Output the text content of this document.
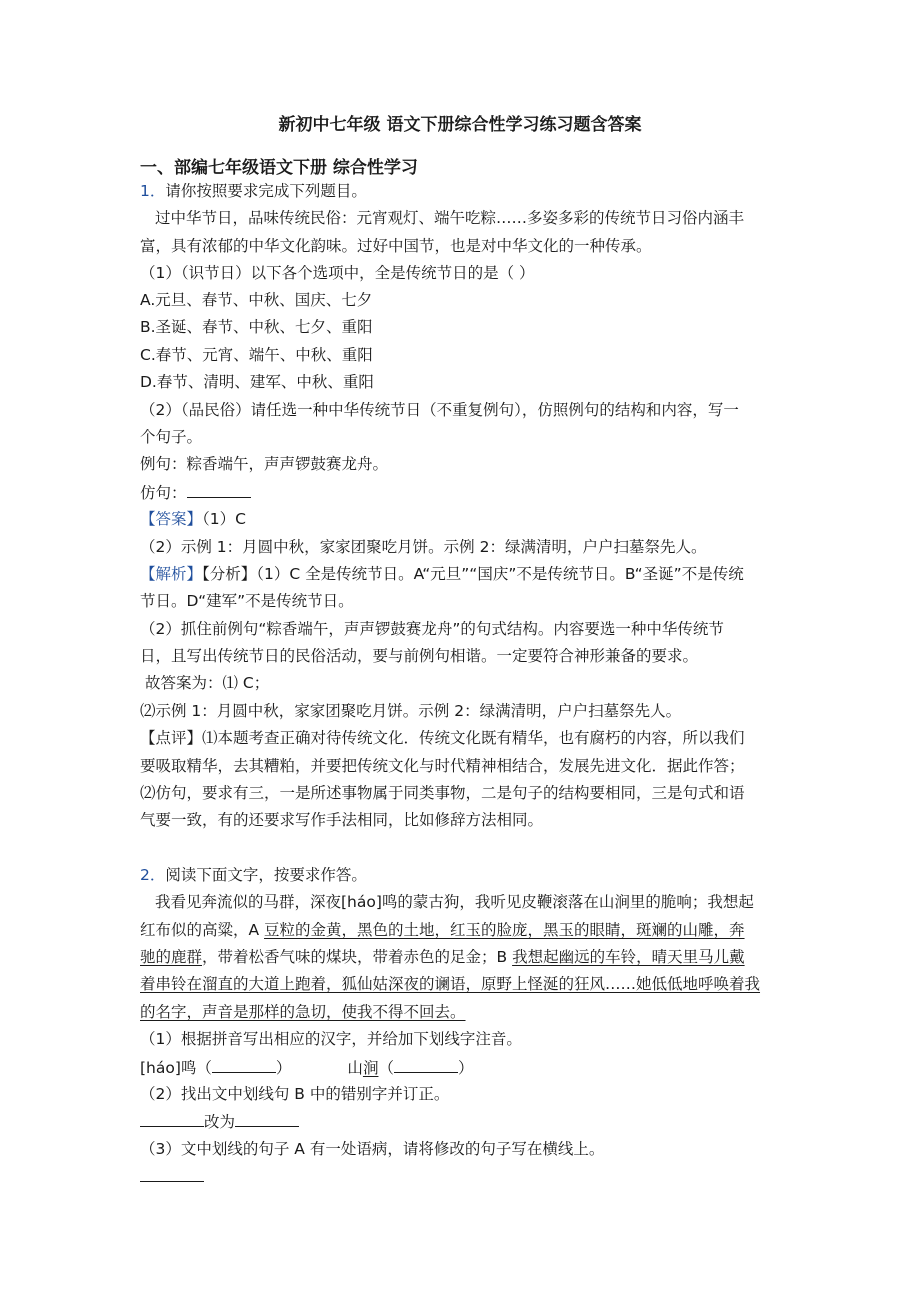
新初中七年级 语文下册综合性学习练习题含答案
一、部编七年级语文下册 综合性学习
1．请你按照要求完成下列题目。
过中华节日，品味传统民俗：元宵观灯、端午吃粽……多姿多彩的传统节日习俗内涵丰
富，具有浓郁的中华文化韵味。过好中国节，也是对中华文化的一种传承。
（1）（识节日）以下各个选项中，全是传统节日的是（ ）
A.元旦、春节、中秋、国庆、七夕
B.圣诞、春节、中秋、七夕、重阳
C.春节、元宵、端午、中秋、重阳
D.春节、清明、建军、中秋、重阳
（2）（品民俗）请任选一种中华传统节日（不重复例句），仿照例句的结构和内容，写一
个句子。
例句：粽香端午，声声锣鼓赛龙舟。
仿句：
【答案】（1）C
（2）示例 1：月圆中秋，家家团聚吃月饼。示例 2：绿满清明，户户扫墓祭先人。
【解析】【分析】（1）C 全是传统节日。A“元旦”“国庆”不是传统节日。B“圣诞”不是传统
节日。D“建军”不是传统节日。
（2）抓住前例句“粽香端午，声声锣鼓赛龙舟”的句式结构。内容要选一种中华传统节
日，且写出传统节日的民俗活动，要与前例句相谐。一定要符合神形兼备的要求。
故答案为：⑴ C；
⑵示例 1：月圆中秋，家家团聚吃月饼。示例 2：绿满清明，户户扫墓祭先人。
【点评】⑴本题考查正确对待传统文化．传统文化既有精华，也有腐朽的内容，所以我们
要吸取精华，去其糟粕，并要把传统文化与时代精神相结合，发展先进文化．据此作答；
⑵仿句，要求有三，一是所述事物属于同类事物，二是句子的结构要相同，三是句式和语
气要一致，有的还要求写作手法相同，比如修辞方法相同。
2．阅读下面文字，按要求作答。
我看见奔流似的马群，深夜[háo]鸣的蒙古狗，我听见皮鞭滚落在山涧里的脆响；我想起
红布似的高粱，A 豆粒的金黄，黑色的土地，红玉的脸庞，黑玉的眼睛，斑斓的山雕，奔
驰的鹿群，带着松香气味的煤块，带着赤色的足金；B 我想起幽远的车铃，晴天里马儿戴
着串铃在溜直的大道上跑着，狐仙姑深夜的谰语，原野上怪涎的狂风……她低低地呼唤着我
的名字，声音是那样的急切，使我不得不回去。
（1）根据拼音写出相应的汉字，并给加下划线字注音。
[háo]鸣（	）	山涧（	）
（2）找出文中划线句 B 中的错别字并订正。
改为
（3）文中划线的句子 A 有一处语病，请将修改的句子写在横线上。
